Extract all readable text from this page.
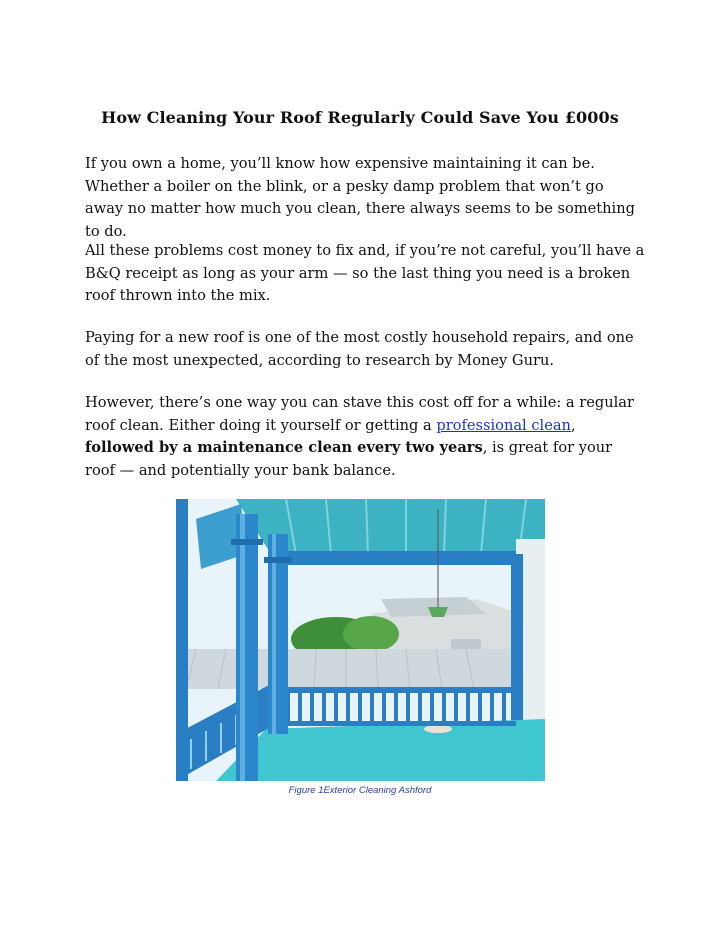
How Cleaning Your Roof Regularly Could Save You £000s
If you own a home, you’ll know how expensive maintaining it can be. Whether a boiler on the blink, or a pesky damp problem that won’t go away no matter how much you clean, there always seems to be something to do.
All these problems cost money to fix and, if you’re not careful, you’ll have a B&Q receipt as long as your arm — so the last thing you need is a broken roof thrown into the mix.
Paying for a new roof is one of the most costly household repairs, and one of the most unexpected, according to research by Money Guru.
However, there’s one way you can stave this cost off for a while: a regular roof clean. Either doing it yourself or getting a professional clean, followed by a maintenance clean every two years, is great for your roof — and potentially your bank balance.
Figure 1Exterior Cleaning Ashford
